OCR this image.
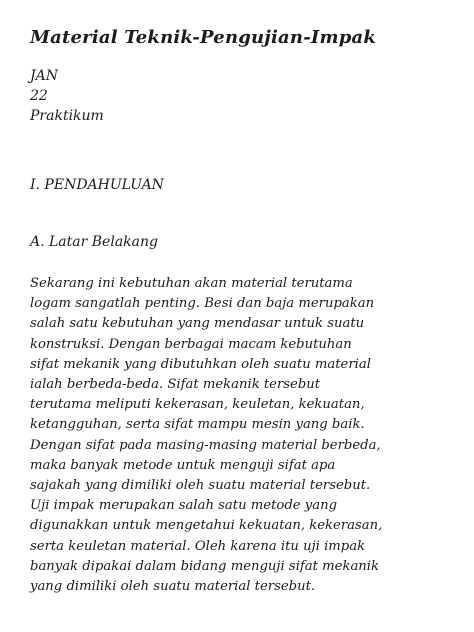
Material Teknik-Pengujian-Impak
JAN
22
Praktikum
I. PENDAHULUAN
A. Latar Belakang
Sekarang ini kebutuhan akan material terutama
logam sangatlah penting. Besi dan baja merupakan
salah satu kebutuhan yang mendasar untuk suatu
konstruksi. Dengan berbagai macam kebutuhan
sifat mekanik yang dibutuhkan oleh suatu material
ialah berbeda-beda. Sifat mekanik tersebut
terutama meliputi kekerasan, keuletan, kekuatan,
ketangguhan, serta sifat mampu mesin yang baik.
Dengan sifat pada masing-masing material berbeda,
maka banyak metode untuk menguji sifat apa
sajakah yang dimiliki oleh suatu material tersebut.
Uji impak merupakan salah satu metode yang
digunakkan untuk mengetahui kekuatan, kekerasan,
serta keuletan material. Oleh karena itu uji impak
banyak dipakai dalam bidang menguji sifat mekanik
yang dimiliki oleh suatu material tersebut.
